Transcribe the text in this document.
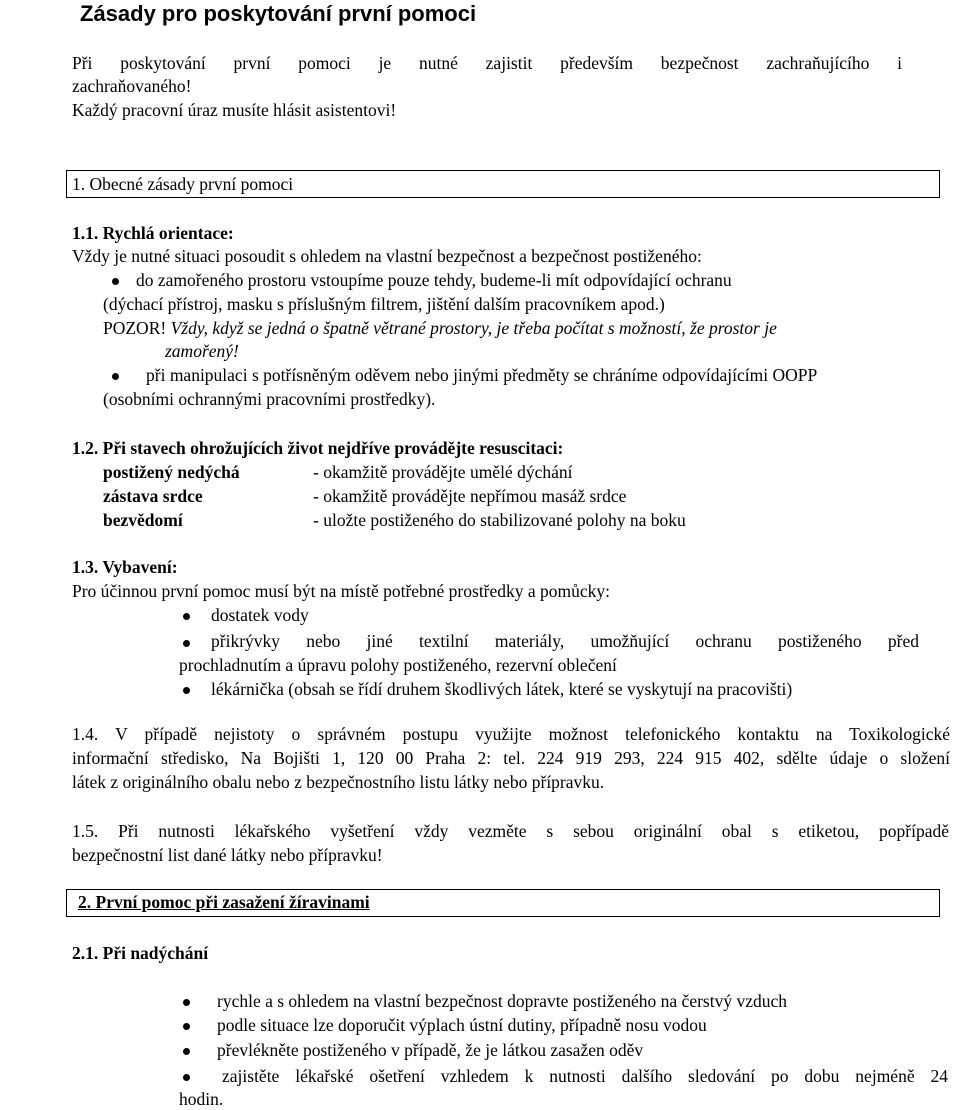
Zásady pro poskytování první pomoci
Při poskytování první pomoci je nutné zajistit především bezpečnost zachraňujícího i
zachraňovaného!
Každý pracovní úraz musíte hlásit asistentovi!
1. Obecné zásady první pomoci
1.1. Rychlá orientace:
Vždy je nutné situaci posoudit s ohledem na vlastní bezpečnost a bezpečnost postiženého:
do zamořeného prostoru vstoupíme pouze tehdy, budeme-li mít odpovídající ochranu
(dýchací přístroj, masku s příslušným filtrem, jištění dalším pracovníkem apod.)
POZOR! Vždy, když se jedná o špatně větrané prostory, je třeba počítat s možností, že prostor je
zamořený!
při manipulaci s potřísněným oděvem nebo jinými předměty se chráníme odpovídajícími OOPP
(osobními ochrannými pracovními prostředky).
1.2. Při stavech ohrožujících život nejdříve provádějte resuscitaci:
postižený nedýchá	- okamžitě provádějte umělé dýchání
zástava srdce	- okamžitě provádějte nepřímou masáž srdce
bezvědomí	- uložte postiženého do stabilizované polohy na boku
1.3. Vybavení:
Pro účinnou první pomoc musí být na místě potřebné prostředky a pomůcky:
dostatek vody
přikrývky nebo jiné textilní materiály, umožňující ochranu postiženého před
prochladnutím a úpravu polohy postiženého, rezervní oblečení
lékárnička (obsah se řídí druhem škodlivých látek, které se vyskytují na pracovišti)
1.4. V případě nejistoty o správném postupu využijte možnost telefonického kontaktu na Toxikologické
informační středisko, Na Bojišti 1, 120 00 Praha 2: tel. 224 919 293, 224 915 402, sdělte údaje o složení
látek z originálního obalu nebo z bezpečnostního listu látky nebo přípravku.
1.5. Při nutnosti lékařského vyšetření vždy vezměte s sebou originální obal s etiketou, popřípadě
bezpečnostní list dané látky nebo přípravku!
2. První pomoc při zasažení žíravinami
2.1. Při nadýchání
rychle a s ohledem na vlastní bezpečnost dopravte postiženého na čerstvý vzduch
podle situace lze doporučit výplach ústní dutiny, případně nosu vodou
převlékněte postiženého v případě, že je látkou zasažen oděv
zajistěte lékařské ošetření vzhledem k nutnosti dalšího sledování po dobu nejméně 24
hodin.
